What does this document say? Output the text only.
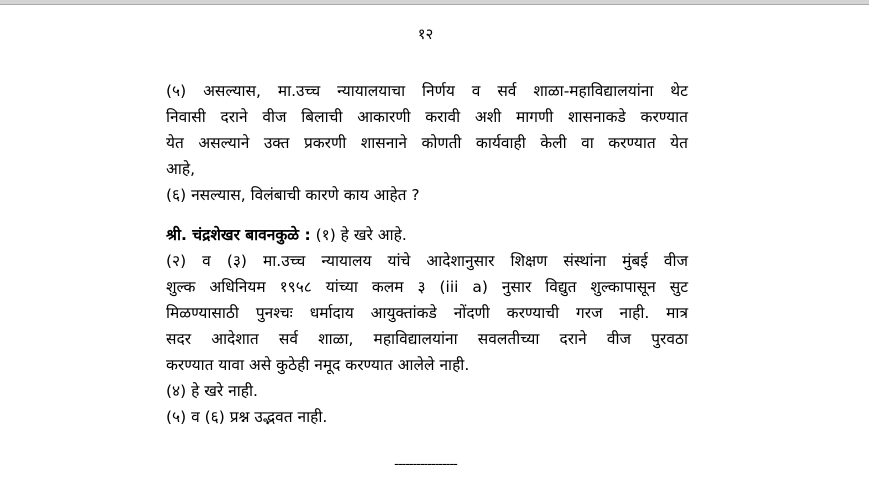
१२
(५) असल्यास, मा.उच्च न्यायालयाचा निर्णय व सर्व शाळा-महाविद्यालयांना थेट
निवासी दराने वीज बिलाची आकारणी करावी अशी मागणी शासनाकडे करण्यात
येत असल्याने उक्त प्रकरणी शासनाने कोणती कार्यवाही केली वा करण्यात येत
आहे,
(६) नसल्यास, विलंबाची कारणे काय आहेत ?
श्री. चंद्रशेखर बावनकुळे : (१) हे खरे आहे.
(२) व (३) मा.उच्च न्यायालय यांचे आदेशानुसार शिक्षण संस्थांना मुंबई वीज
शुल्क अधिनियम १९५८ यांच्या कलम ३ (iii a) नुसार विद्युत शुल्कापासून सुट
मिळण्यासाठी पुनश्चः धर्मादाय आयुक्तांकडे नोंदणी करण्याची गरज नाही. मात्र
सदर आदेशात सर्व शाळा, महाविद्यालयांना सवलतीच्या दराने वीज पुरवठा
करण्यात यावा असे कुठेही नमूद करण्यात आलेले नाही.
(४) हे खरे नाही.
(५) व (६) प्रश्न उद्भवत नाही.
-----------------
